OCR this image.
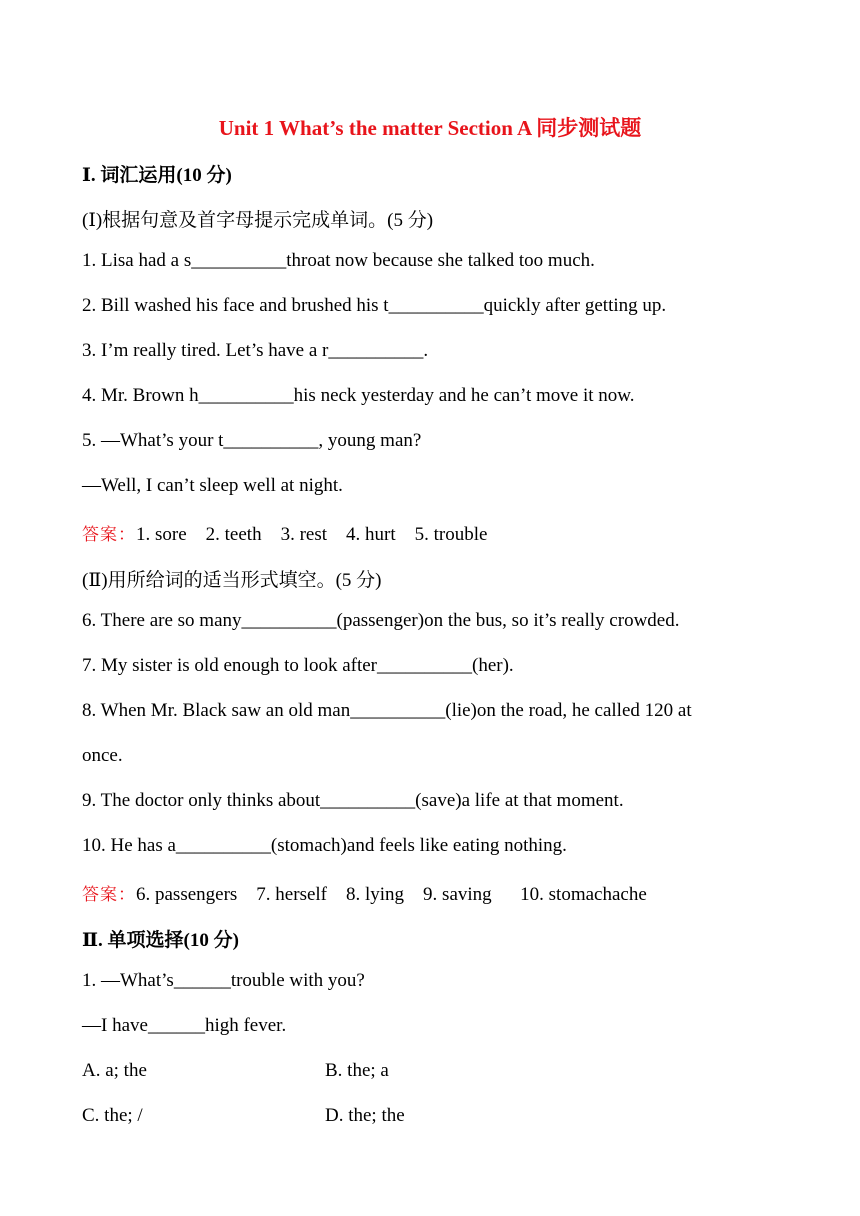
Unit 1 What’s the matter Section A 同步测试题
Ⅰ. 词汇运用(10 分)
(Ⅰ)根据句意及首字母提示完成单词。(5 分)
1. Lisa had a s__________throat now because she talked too much.
2. Bill washed his face and brushed his t__________quickly after getting up.
3. I’m really tired. Let’s have a r__________.
4. Mr. Brown h__________his neck yesterday and he can’t move it now.
5. —What’s your t__________, young man?
—Well, I can’t sleep well at night.
答案：1. sore    2. teeth    3. rest    4. hurt    5. trouble
(Ⅱ)用所给词的适当形式填空。(5 分)
6. There are so many__________(passenger)on the bus, so it’s really crowded.
7. My sister is old enough to look after__________(her).
8. When Mr. Black saw an old man__________(lie)on the road, he called 120 at
once.
9. The doctor only thinks about__________(save)a life at that moment.
10. He has a__________(stomach)and feels like eating nothing.
答案：6. passengers    7. herself    8. lying    9. saving      10. stomachache
Ⅱ. 单项选择(10 分)
1. —What’s______trouble with you?
—I have______high fever.
A. a; the	B. the; a
C. the; /	D. the; the
